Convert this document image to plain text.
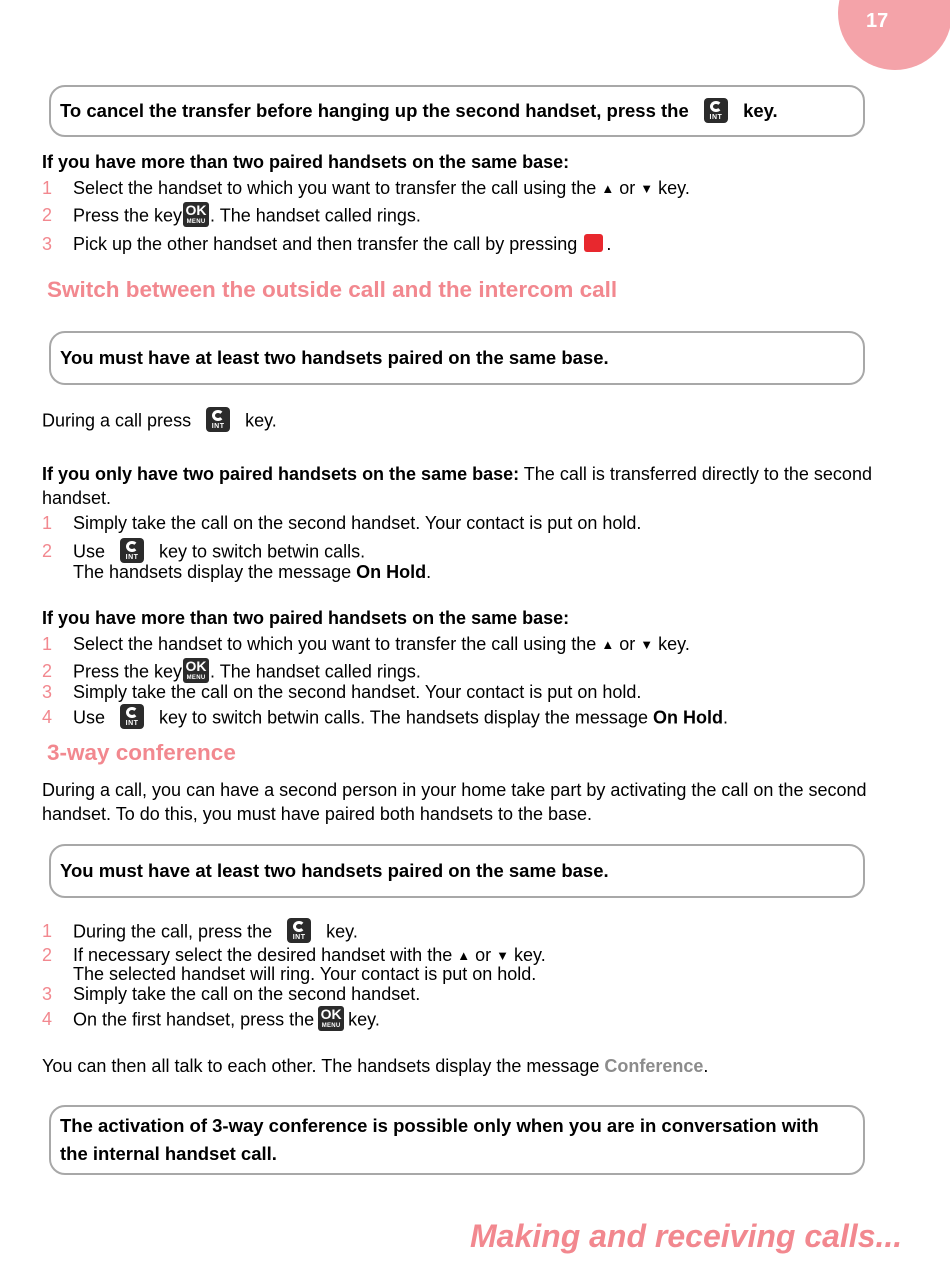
17
To cancel the transfer before hanging up the second handset, press the	INT key.
If you have more than two paired handsets on the same base:
1	Select the handset to which you want to transfer the call using the ▲ or ▼ key.
2	Press the key OK
MENU . The handset called rings.
3	Pick up the other handset and then transfer the call by pressing .
Switch between the outside call and the intercom call
You must have at least two handsets paired on the same base.
During a call press	INT key.
If you only have two paired handsets on the same base: The call is transferred directly to the second handset.
1	Simply take the call on the second handset. Your contact is put on hold.
2	Use	INT key to switch betwin calls.
The handsets display the message On Hold.
If you have more than two paired handsets on the same base:
1	Select the handset to which you want to transfer the call using the ▲ or ▼ key.
2	Press the key OK
MENU . The handset called rings.
3	Simply take the call on the second handset. Your contact is put on hold.
4	Use	INT key to switch betwin calls. The handsets display the message On Hold.
3-way conference
During a call, you can have a second person in your home take part by activating the call on the second handset. To do this, you must have paired both handsets to the base.
You must have at least two handsets paired on the same base.
1	During the call, press the	INT key.
2	If necessary select the desired handset with the ▲ or ▼ key.
The selected handset will ring. Your contact is put on hold.
3	Simply take the call on the second handset.
4	On the first handset, press the OK
MENU key.
You can then all talk to each other. The handsets display the message Conference.
The activation of 3-way conference is possible only when you are in conversation with the internal handset call.
Making and receiving calls...
